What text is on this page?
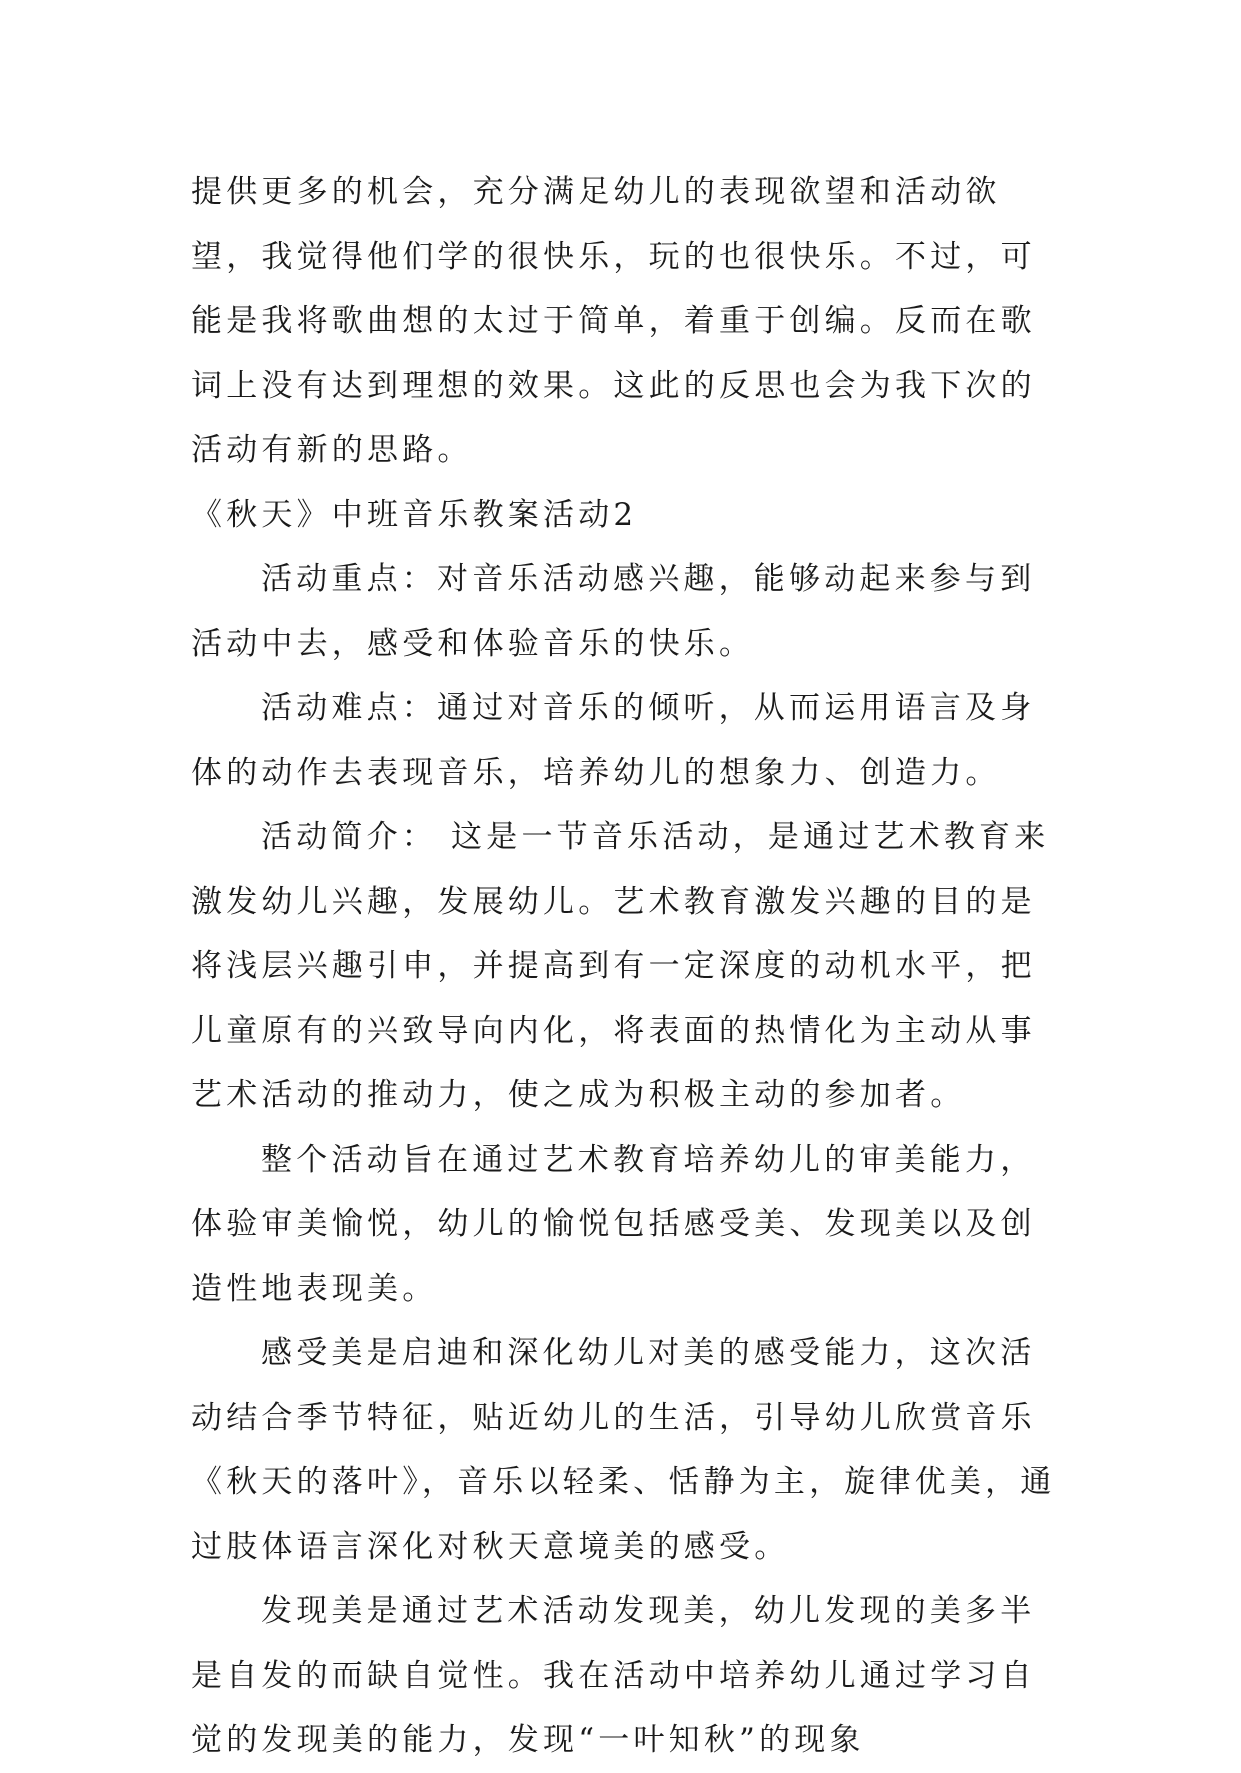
提供更多的机会，充分满足幼儿的表现欲望和活动欲望，我觉得他们学的很快乐，玩的也很快乐。不过，可能是我将歌曲想的太过于简单，着重于创编。反而在歌词上没有达到理想的效果。这此的反思也会为我下次的活动有新的思路。

《秋天》中班音乐教案活动2

活动重点：对音乐活动感兴趣，能够动起来参与到活动中去，感受和体验音乐的快乐。

活动难点：通过对音乐的倾听，从而运用语言及身体的动作去表现音乐，培养幼儿的想象力、创造力。

活动简介： 这是一节音乐活动，是通过艺术教育来激发幼儿兴趣，发展幼儿。艺术教育激发兴趣的目的是将浅层兴趣引申，并提高到有一定深度的动机水平，把儿童原有的兴致导向内化，将表面的热情化为主动从事艺术活动的推动力，使之成为积极主动的参加者。

整个活动旨在通过艺术教育培养幼儿的审美能力，体验审美愉悦，幼儿的愉悦包括感受美、发现美以及创造性地表现美。

感受美是启迪和深化幼儿对美的感受能力，这次活动结合季节特征，贴近幼儿的生活，引导幼儿欣赏音乐《秋天的落叶》，音乐以轻柔、恬静为主，旋律优美，通过肢体语言深化对秋天意境美的感受。

发现美是通过艺术活动发现美，幼儿发现的美多半是自发的而缺自觉性。我在活动中培养幼儿通过学习自觉的发现美的能力，发现“一叶知秋”的现象
